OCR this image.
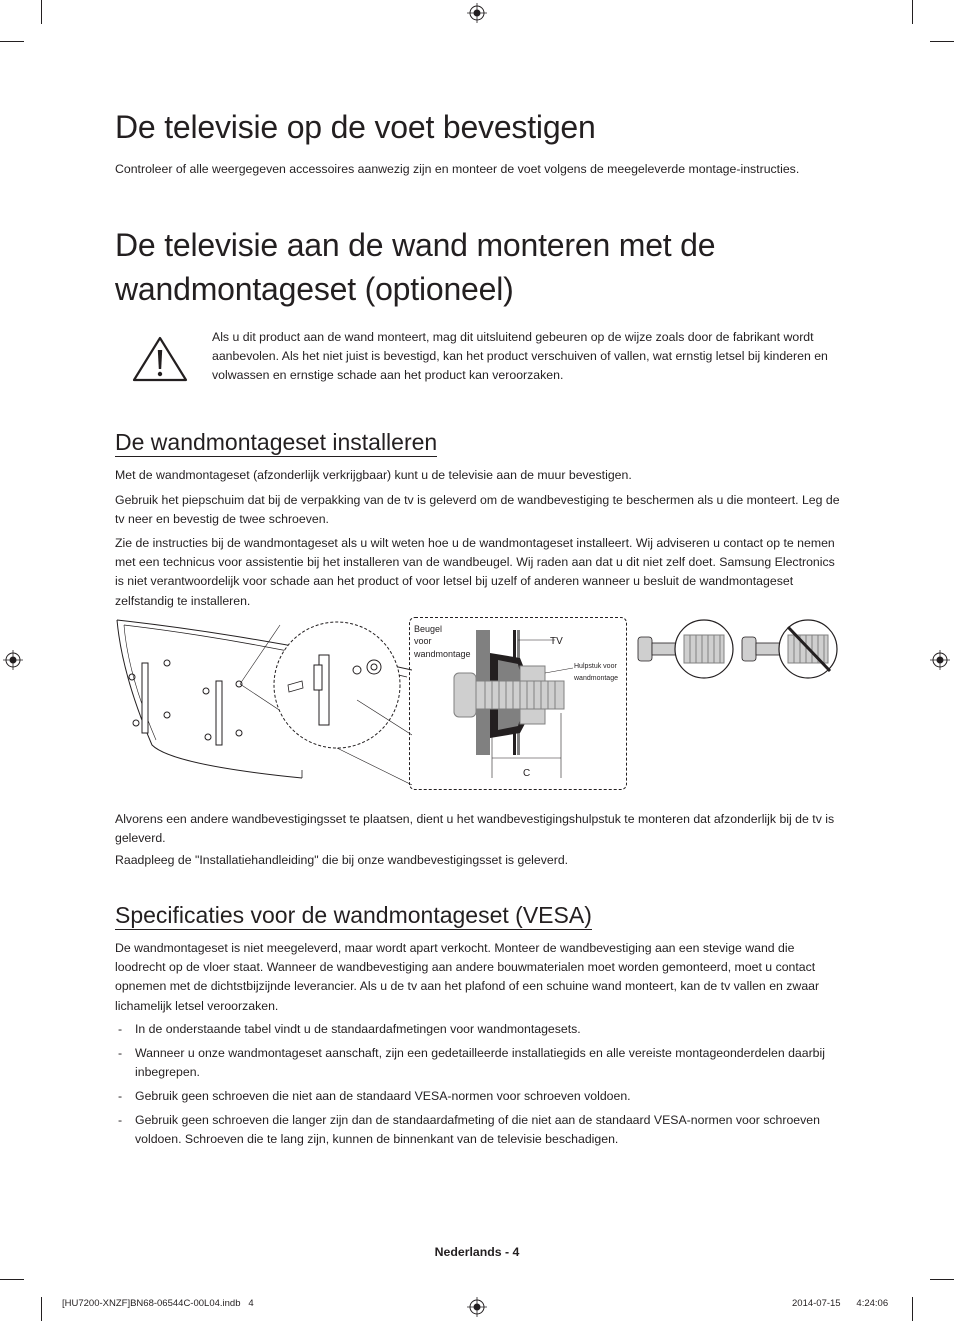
De televisie op de voet bevestigen

Controleer of alle weergegeven accessoires aanwezig zijn en monteer de voet volgens de meegeleverde montage-instructies.

De televisie aan de wand monteren met de
wandmontageset (optioneel)

Als u dit product aan de wand monteert, mag dit uitsluitend gebeuren op de wijze zoals door de fabrikant wordt aanbevolen. Als het niet juist is bevestigd, kan het product verschuiven of vallen, wat ernstig letsel bij kinderen en volwassen en ernstige schade aan het product kan veroorzaken.

De wandmontageset installeren

Met de wandmontageset (afzonderlijk verkrijgbaar) kunt u de televisie aan de muur bevestigen.

Gebruik het piepschuim dat bij de verpakking van de tv is geleverd om de wandbevestiging te beschermen als u die monteert. Leg de tv neer en bevestig de twee schroeven.

Zie de instructies bij de wandmontageset als u wilt weten hoe u de wandmontageset installeert. Wij adviseren u contact op te nemen met een technicus voor assistentie bij het installeren van de wandbeugel. Wij raden aan dat u dit niet zelf doet. Samsung Electronics is niet verantwoordelijk voor schade aan het product of voor letsel bij uzelf of anderen wanneer u besluit de wandmontageset zelfstandig te installeren.

Beugel
voor
wandmontage
TV
Hulpstuk voor
wandmontage
C

Alvorens een andere wandbevestigingsset te plaatsen, dient u het wandbevestigingshulpstuk te monteren dat afzonderlijk bij de tv is geleverd.

Raadpleeg de "Installatiehandleiding" die bij onze wandbevestigingsset is geleverd.

Specificaties voor de wandmontageset (VESA)

De wandmontageset is niet meegeleverd, maar wordt apart verkocht. Monteer de wandbevestiging aan een stevige wand die loodrecht op de vloer staat. Wanneer de wandbevestiging aan andere bouwmaterialen moet worden gemonteerd, moet u contact opnemen met de dichtstbijzijnde leverancier. Als u de tv aan het plafond of een schuine wand monteert, kan de tv vallen en zwaar lichamelijk letsel veroorzaken.

- In de onderstaande tabel vindt u de standaardafmetingen voor wandmontagesets.
- Wanneer u onze wandmontageset aanschaft, zijn een gedetailleerde installatiegids en alle vereiste montageonderdelen daarbij inbegrepen.
- Gebruik geen schroeven die niet aan de standaard VESA-normen voor schroeven voldoen.
- Gebruik geen schroeven die langer zijn dan de standaardafmeting of die niet aan de standaard VESA-normen voor schroeven voldoen. Schroeven die te lang zijn, kunnen de binnenkant van de televisie beschadigen.
Nederlands - 4
[HU7200-XNZF]BN68-06544C-00L04.indb   4	2014-07-15      4:24:06
